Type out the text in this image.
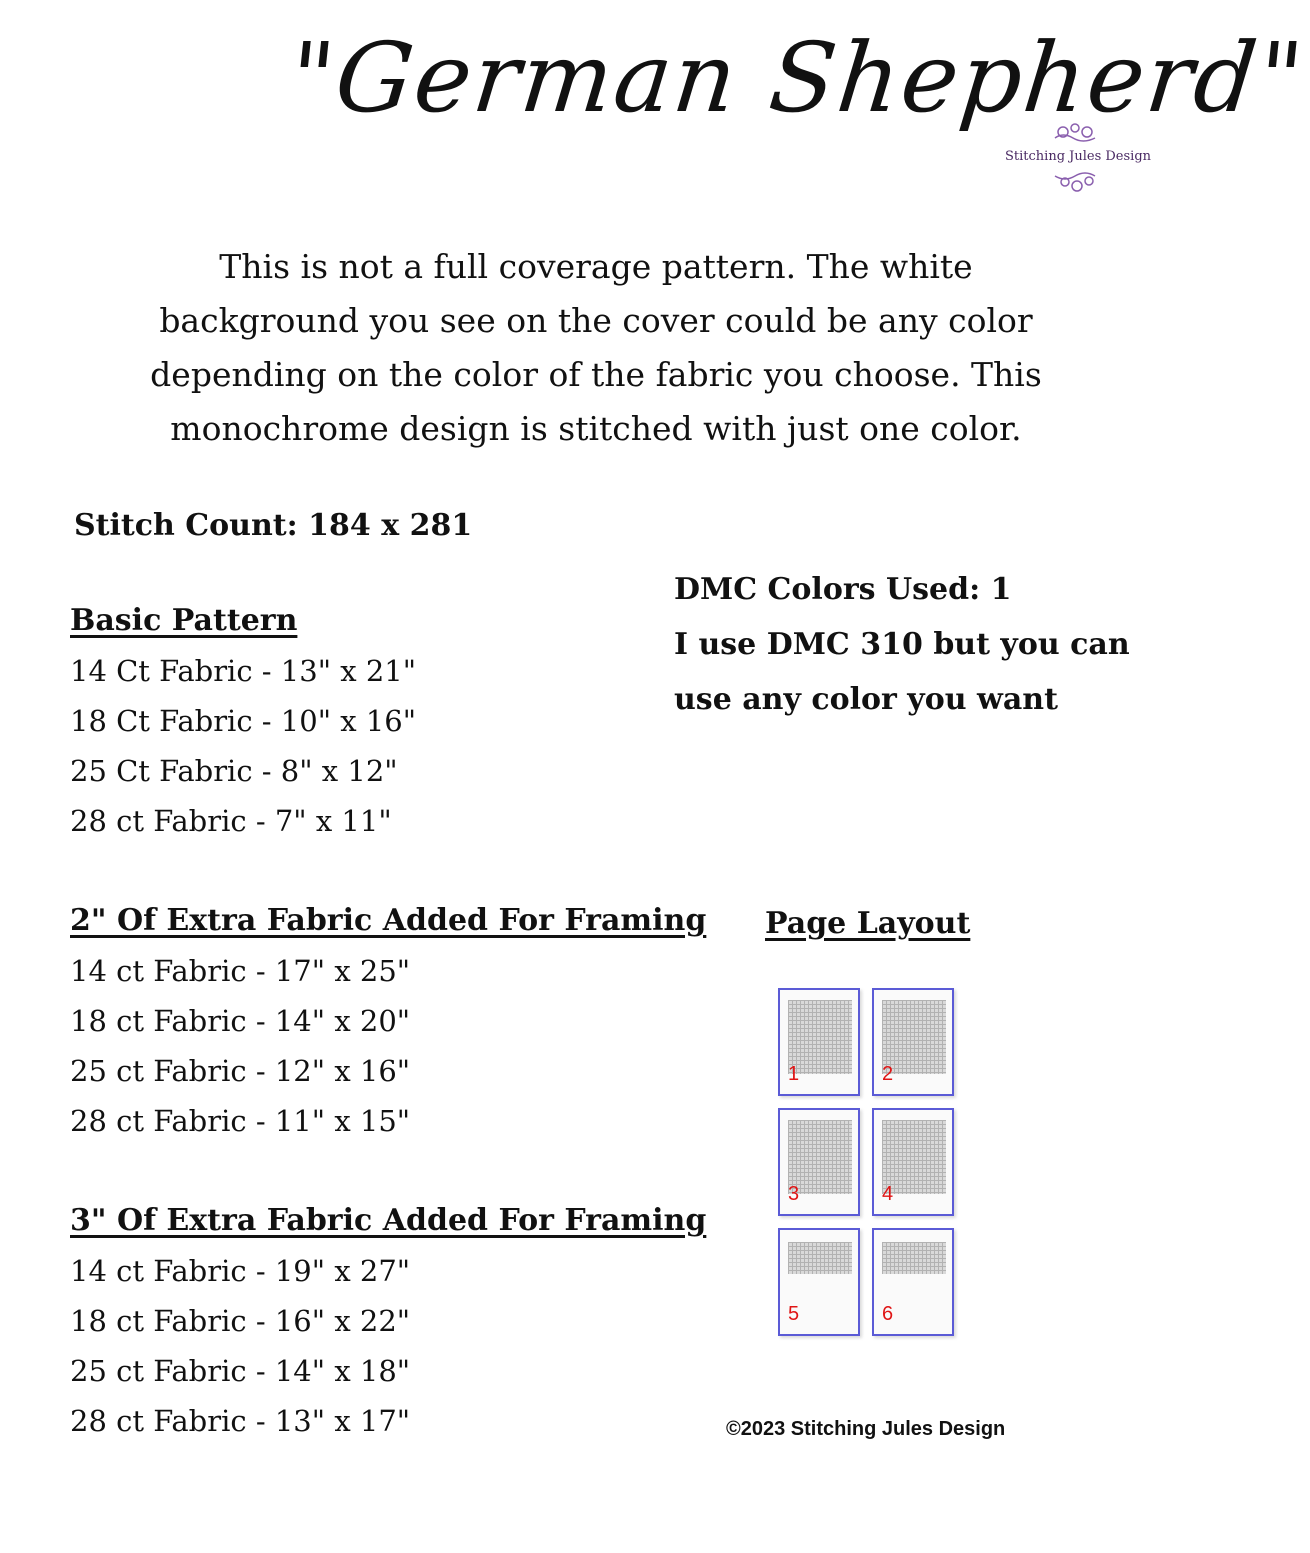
"German Shepherd"
Stitching Jules Design
This is not a full coverage pattern. The white background you see on the cover could be any color depending on the color of the fabric you choose. This monochrome design is stitched with just one color.
Stitch Count: 184 x 281
Basic Pattern
14 Ct Fabric - 13" x 21"
18 Ct Fabric - 10" x 16"
25 Ct Fabric - 8" x 12"
28 ct Fabric - 7" x 11"
2" Of Extra Fabric Added For Framing
14 ct Fabric - 17" x 25"
18 ct Fabric - 14" x 20"
25 ct Fabric - 12" x 16"
28 ct Fabric - 11" x 15"
3" Of Extra Fabric Added For Framing
14 ct Fabric - 19" x 27"
18 ct Fabric - 16" x 22"
25 ct Fabric - 14" x 18"
28 ct Fabric - 13" x 17"
DMC Colors Used: 1
I use DMC 310 but you can
use any color you want
Page Layout
1	2
3	4
5	6
©2023 Stitching Jules Design
